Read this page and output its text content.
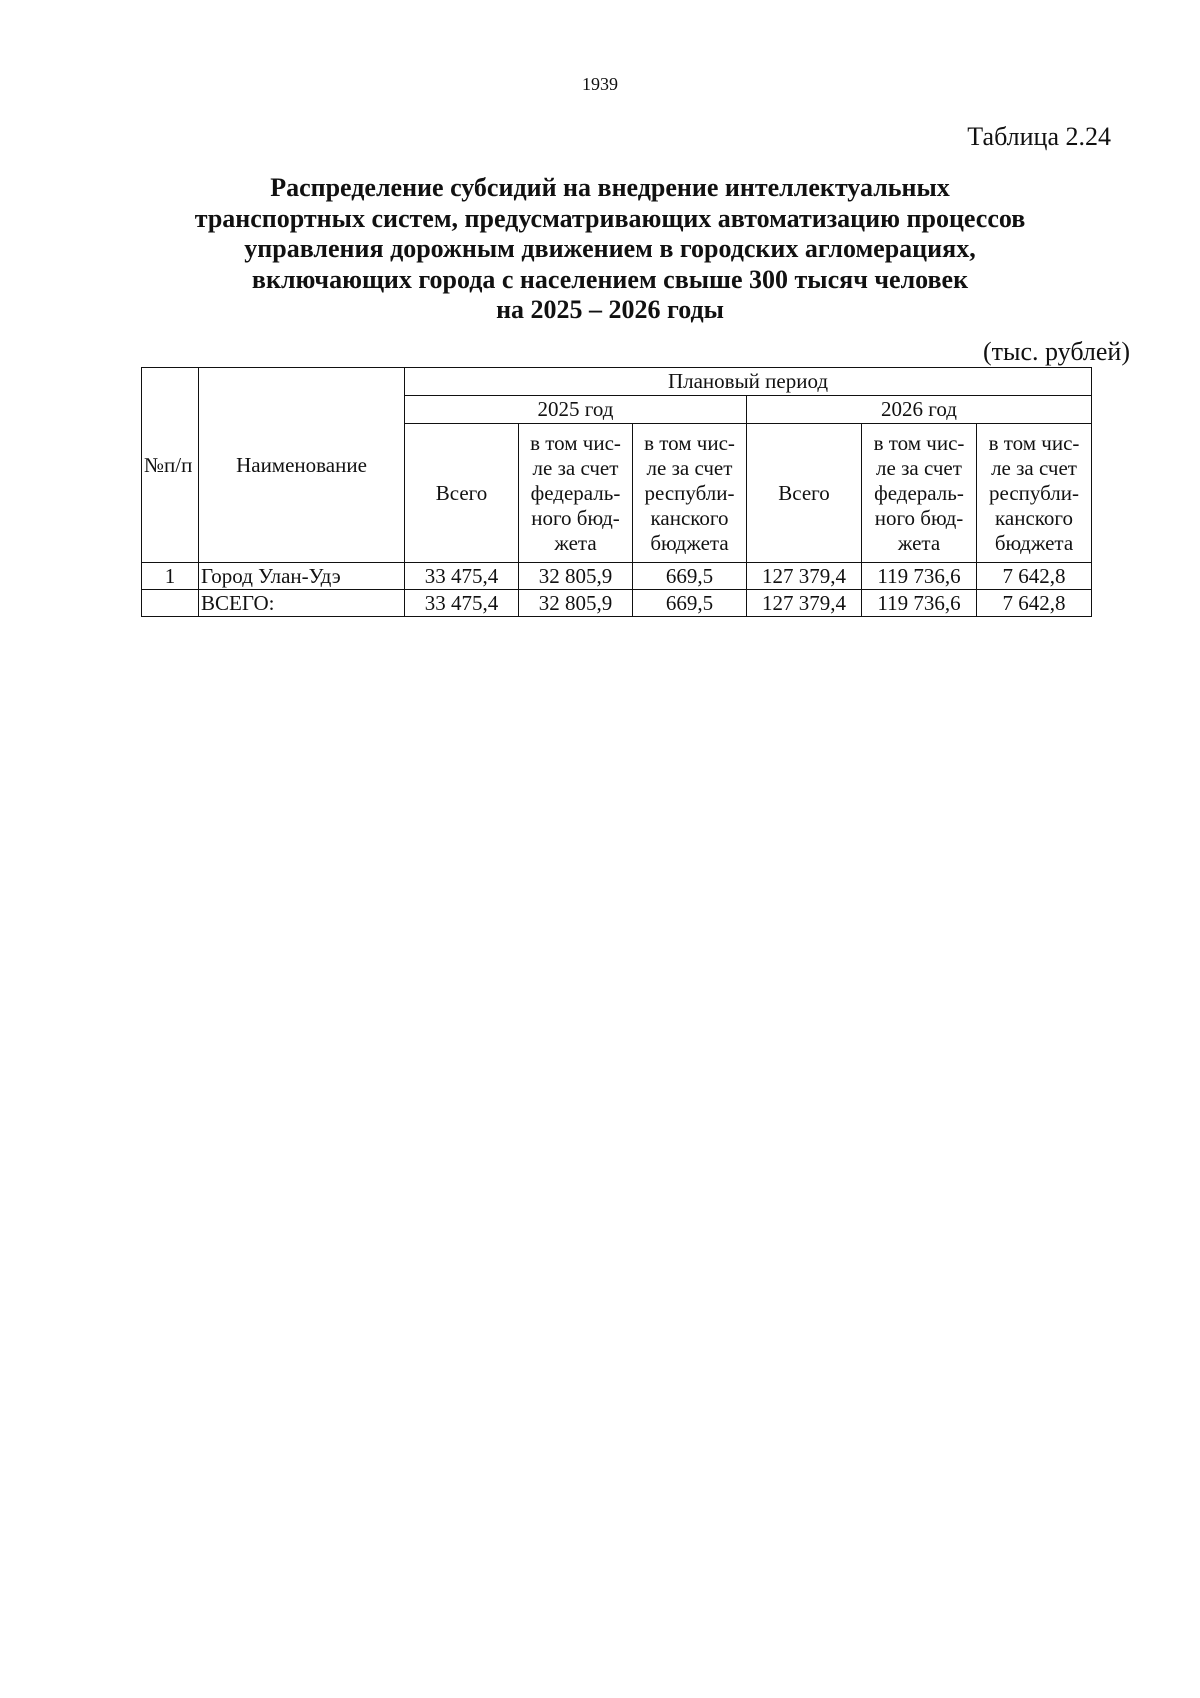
1939
Таблица 2.24
Распределение субсидий на внедрение интеллектуальных
транспортных систем, предусматривающих автоматизацию процессов
управления дорожным движением в городских агломерациях,
включающих города с населением свыше 300 тысяч человек
на 2025 – 2026 годы
(тыс. рублей)
№п/п	Наименование	Плановый период					
		2025 год			2026 год		
		Всего	в том чис-
ле за счет
федераль-
ного бюд-
жета	в том чис-
ле за счет
республи-
канского
бюджета	Всего	в том чис-
ле за счет
федераль-
ного бюд-
жета	в том чис-
ле за счет
республи-
канского
бюджета

1	Город Улан-Удэ	33 475,4	32 805,9	669,5	127 379,4	119 736,6	7 642,8
	ВСЕГО:	33 475,4	32 805,9	669,5	127 379,4	119 736,6	7 642,8
